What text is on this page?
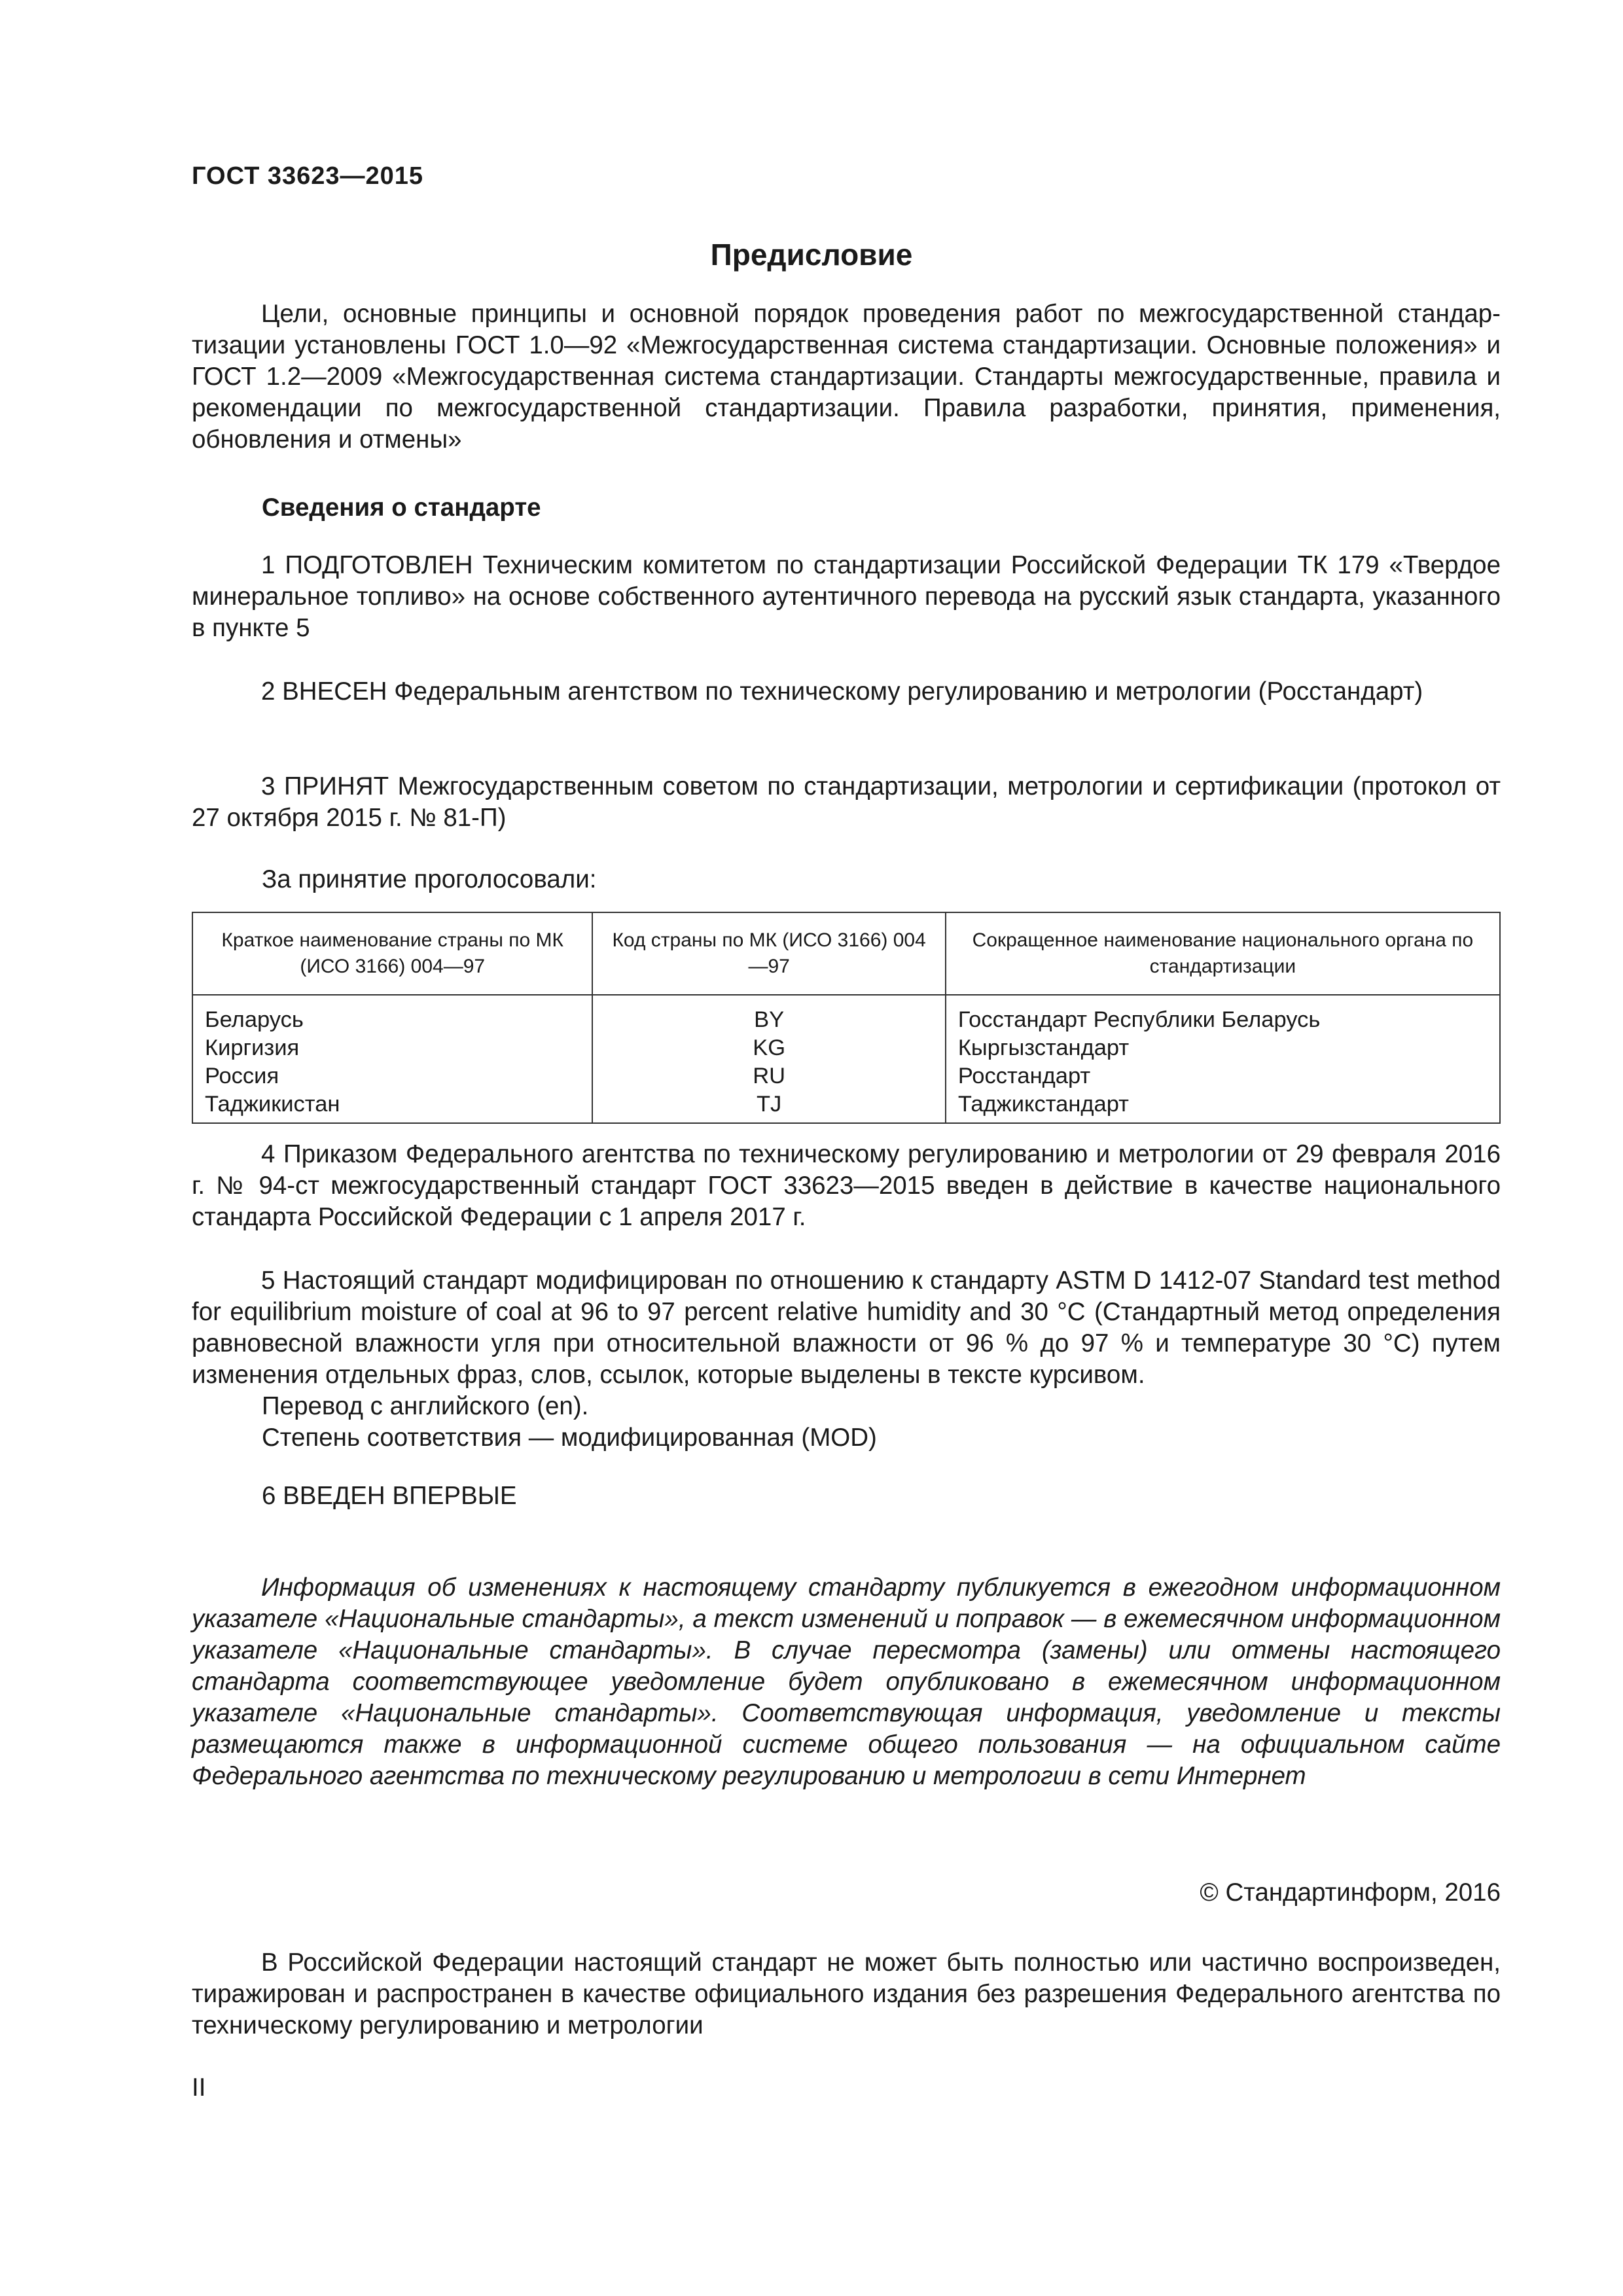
ГОСТ 33623—2015
Предисловие

Цели, основные принципы и основной порядок проведения работ по межгосударственной стандартизации установлены ГОСТ 1.0—92 «Межгосударственная система стандартизации. Основные положения» и ГОСТ 1.2—2009 «Межгосударственная система стандартизации. Стандарты межгосударственные, правила и рекомендации по межгосударственной стандартизации. Правила разработки, принятия, применения, обновления и отмены»

Сведения о стандарте

1 ПОДГОТОВЛЕН Техническим комитетом по стандартизации Российской Федерации ТК 179 «Твердое минеральное топливо» на основе собственного аутентичного перевода на русский язык стандарта, указанного в пункте 5

2 ВНЕСЕН Федеральным агентством по техническому регулированию и метрологии (Росстандарт)

3 ПРИНЯТ Межгосударственным советом по стандартизации, метрологии и сертификации (протокол от 27 октября 2015 г. № 81-П)

За принятие проголосовали:
Краткое наименование страны по МК (ИСО 3166) 004—97	Код страны по МК (ИСО 3166) 004—97	Сокращенное наименование национального органа по стандартизации
Беларусь	BY	Госстандарт Республики Беларусь
Киргизия	KG	Кыргызстандарт
Россия	RU	Росстандарт
Таджикистан	TJ	Таджикстандарт

4 Приказом Федерального агентства по техническому регулированию и метрологии от 29 февраля 2016 г. № 94-ст межгосударственный стандарт ГОСТ 33623—2015 введен в действие в качестве национального стандарта Российской Федерации с 1 апреля 2017 г.

5 Настоящий стандарт модифицирован по отношению к стандарту ASTM D 1412-07 Standard test method for equilibrium moisture of coal at 96 to 97 percent relative humidity and 30 °C (Стандартный метод определения равновесной влажности угля при относительной влажности от 96 % до 97 % и температуре 30 °С) путем изменения отдельных фраз, слов, ссылок, которые выделены в тексте курсивом.

Перевод с английского (en).
Степень соответствия — модифицированная (MOD)
6 ВВЕДЕН ВПЕРВЫЕ

Информация об изменениях к настоящему стандарту публикуется в ежегодном информационном указателе «Национальные стандарты», а текст изменений и поправок — в ежемесячном информационном указателе «Национальные стандарты». В случае пересмотра (замены) или отмены настоящего стандарта соответствующее уведомление будет опубликовано в ежемесячном информационном указателе «Национальные стандарты». Соответствующая информация, уведомление и тексты размещаются также в информационной системе общего пользования — на официальном сайте Федерального агентства по техническому регулированию и метрологии в сети Интернет

© Стандартинформ, 2016

В Российской Федерации настоящий стандарт не может быть полностью или частично воспроизведен, тиражирован и распространен в качестве официального издания без разрешения Федерального агентства по техническому регулированию и метрологии

II
